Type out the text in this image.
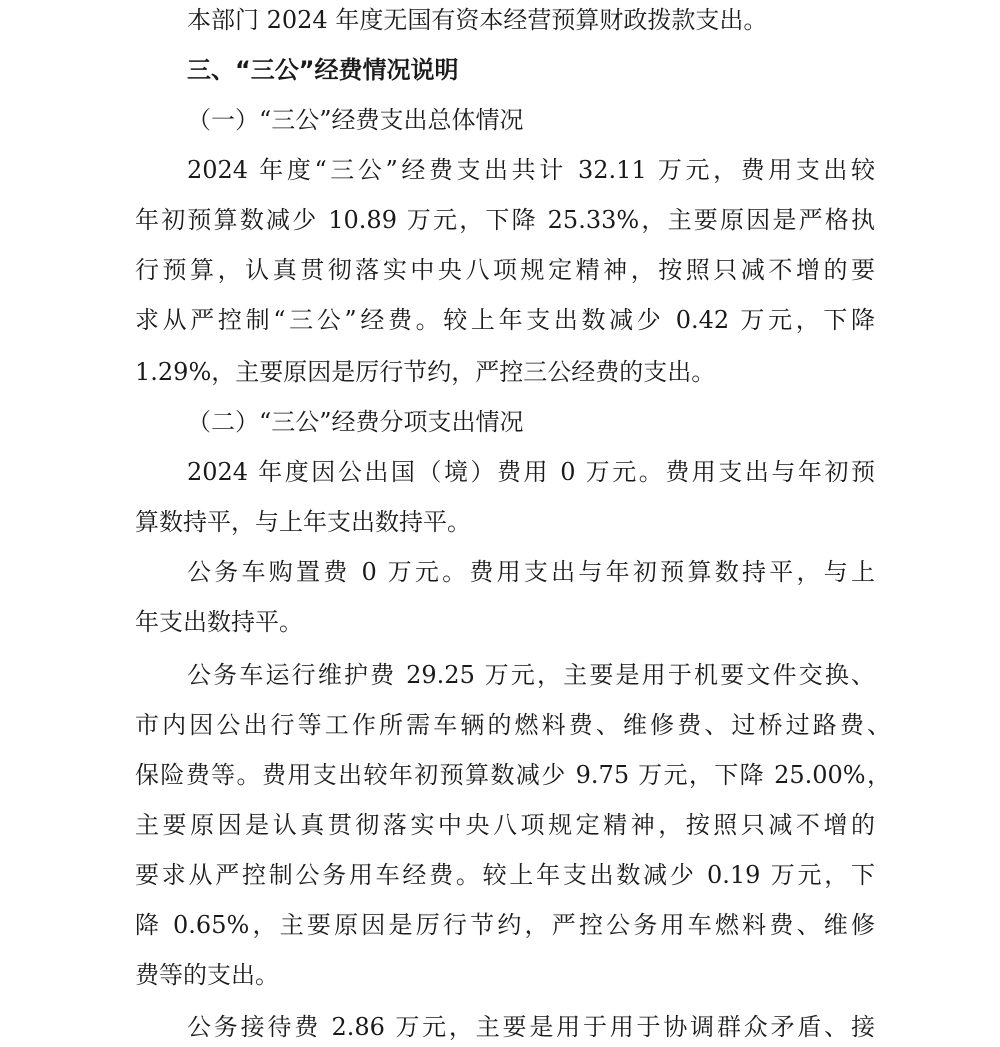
本部门 2024 年度无国有资本经营预算财政拨款支出。
三、“三公”经费情况说明
（一）“三公”经费支出总体情况
2024 年度“三公”经费支出共计 32.11 万元，费用支出较
年初预算数减少 10.89 万元，下降 25.33%，主要原因是严格执
行预算，认真贯彻落实中央八项规定精神，按照只减不增的要
求从严控制“三公”经费。较上年支出数减少 0.42 万元，下降
1.29%，主要原因是厉行节约，严控三公经费的支出。
（二）“三公”经费分项支出情况
2024 年度因公出国（境）费用 0 万元。费用支出与年初预
算数持平，与上年支出数持平。
公务车购置费 0 万元。费用支出与年初预算数持平，与上
年支出数持平。
公务车运行维护费 29.25 万元，主要是用于机要文件交换、
市内因公出行等工作所需车辆的燃料费、维修费、过桥过路费、
保险费等。费用支出较年初预算数减少 9.75 万元，下降 25.00%，
主要原因是认真贯彻落实中央八项规定精神，按照只减不增的
要求从严控制公务用车经费。较上年支出数减少 0.19 万元，下
降 0.65%，主要原因是厉行节约，严控公务用车燃料费、维修
费等的支出。
公务接待费 2.86 万元，主要是用于用于协调群众矛盾、接
